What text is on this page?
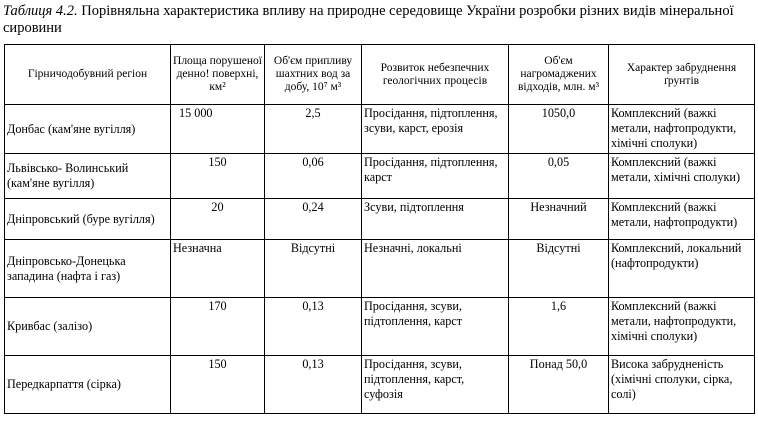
Таблиця 4.2. Порівняльна характеристика впливу на природне середовище України розробки різних видів мінеральної сировини
Гірничодобувний регіон	Площа порушеної денно! поверхні, км²	Об'єм припливу шахтних вод за добу, 10⁷ м³	Розвиток небезпечних геологічних процесів	Об'єм нагромаджених відходів, млн. м³	Характер забруднення ґрунтів
Донбас (кам'яне вугілля)	15 000	2,5	Просідання, підтоплення, зсуви, карст, ерозія	1050,0	Комплексний (важкі метали, нафтопродукти, хімічні сполуки)
Львівсько- Волинський (кам'яне вугілля)	150	0,06	Просідання, підтоплення, карст	0,05	Комплексний (важкі метали, хімічні сполуки)
Дніпровський (буре вугілля)	20	0,24	Зсуви, підтоплення	Незначний	Комплексний (важкі метали, нафтопродукти)
Дніпровсько-Донецька западина (нафта і газ)	Незначна	Відсутні	Незначні, локальні	Відсутні	Комплексний, локальний (нафтопродукти)
Кривбас (залізо)	170	0,13	Просідання, зсуви, підтоплення, карст	1,6	Комплексний (важкі метали, нафтопродукти, хімічні сполуки)
Передкарпаття (сірка)	150	0,13	Просідання, зсуви, підтоплення, карст, суфозія	Понад 50,0	Висока забрудненість (хімічні сполуки, сірка, солі)
